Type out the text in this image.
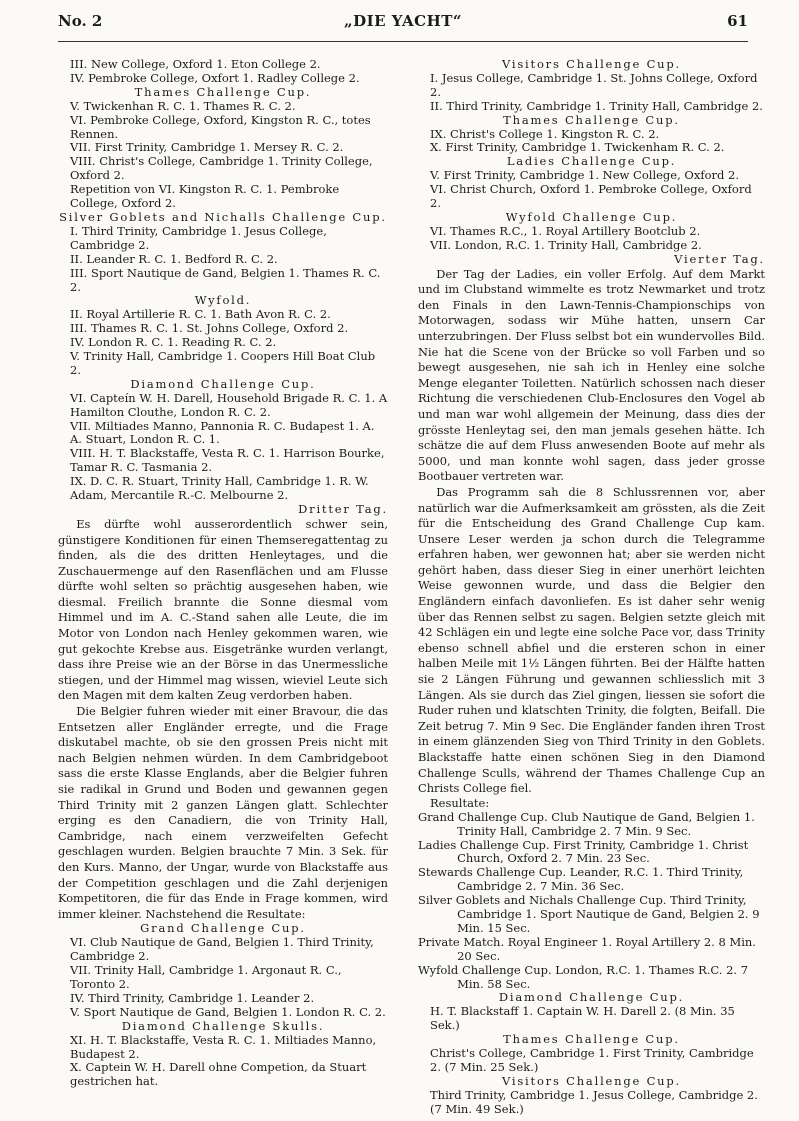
No. 2	„DIE YACHT“	61
III. New College, Oxford 1. Eton College 2.
IV. Pembroke College, Oxfort 1. Radley College 2.
Thames Challenge Cup.
V. Twickenhan R. C. 1. Thames R. C. 2.
VI. Pembroke College, Oxford, Kingston R. C., totes Rennen.
VII. First Trinity, Cambridge 1. Mersey R. C. 2.
VIII. Christ's College, Cambridge 1. Trinity College, Oxford 2.
Repetition von VI. Kingston R. C. 1. Pembroke College, Oxford 2.
Silver Goblets and Nichalls Challenge Cup.
I. Third Trinity, Cambridge 1. Jesus College, Cambridge 2.
II. Leander R. C. 1. Bedford R. C. 2.
III. Sport Nautique de Gand, Belgien 1. Thames R. C. 2.
Wyfold.
II. Royal Artillerie R. C. 1. Bath Avon R. C. 2.
III. Thames R. C. 1. St. Johns College, Oxford 2.
IV. London R. C. 1. Reading R. C. 2.
V. Trinity Hall, Cambridge 1. Coopers Hill Boat Club 2.
Diamond Challenge Cup.
VI. Capteín W. H. Darell, Household Brigade R. C. 1. A Hamilton Clouthe, London R. C. 2.
VII. Miltiades Manno, Pannonia R. C. Budapest 1. A. A. Stuart, London R. C. 1.
VIII. H. T. Blackstaffe, Vesta R. C. 1. Harrison Bourke, Tamar R. C. Tasmania 2.
IX. D. C. R. Stuart, Trinity Hall, Cambridge 1. R. W. Adam, Mercantile R.-C. Melbourne 2.
Dritter Tag.
Es dürfte wohl ausserordentlich schwer sein, günstigere Konditionen für einen Themseregattentag zu finden, als die des dritten Henleytages, und die Zuschauermenge auf den Rasenflächen und am Flusse dürfte wohl selten so prächtig ausgesehen haben, wie diesmal. Freilich brannte die Sonne diesmal vom Himmel und im A. C.-Stand sahen alle Leute, die im Motor von London nach Henley gekommen waren, wie gut gekochte Krebse aus. Eisgetränke wurden verlangt, dass ihre Preise wie an der Börse in das Unermessliche stiegen, und der Himmel mag wissen, wieviel Leute sich den Magen mit dem kalten Zeug verdorben haben.
Die Belgier fuhren wieder mit einer Bravour, die das Entsetzen aller Engländer erregte, und die Frage diskutabel machte, ob sie den grossen Preis nicht mit nach Belgien nehmen würden. In dem Cambridgeboot sass die erste Klasse Englands, aber die Belgier fuhren sie radikal in Grund und Boden und gewannen gegen Third Trinity mit 2 ganzen Längen glatt. Schlechter erging es den Canadiern, die von Trinity Hall, Cambridge, nach einem verzweifelten Gefecht geschlagen wurden. Belgien brauchte 7 Min. 3 Sek. für den Kurs. Manno, der Ungar, wurde von Blackstaffe aus der Competition geschlagen und die Zahl derjenigen Kompetitoren, die für das Ende in Frage kommen, wird immer kleiner. Nachstehend die Resultate:
Grand Challenge Cup.
VI. Club Nautique de Gand, Belgien 1. Third Trinity, Cambridge 2.
VII. Trinity Hall, Cambridge 1. Argonaut R. C., Toronto 2.
IV. Third Trinity, Cambridge 1. Leander 2.
V. Sport Nautique de Gand, Belgien 1. London R. C. 2.
Diamond Challenge Skulls.
XI. H. T. Blackstaffe, Vesta R. C. 1. Miltiades Manno, Budapest 2.
X. Captein W. H. Darell ohne Competion, da Stuart gestrichen hat.
Visitors Challenge Cup.
I. Jesus College, Cambridge 1. St. Johns College, Oxford 2.
II. Third Trinity, Cambridge 1. Trinity Hall, Cambridge 2.
Thames Challenge Cup.
IX. Christ's College 1. Kingston R. C. 2.
X. First Trinity, Cambridge 1. Twickenham R. C. 2.
Ladies Challenge Cup.
V. First Trinity, Cambridge 1. New College, Oxford 2.
VI. Christ Church, Oxford 1. Pembroke College, Oxford 2.
Wyfold Challenge Cup.
VI. Thames R.C., 1. Royal Artillery Bootclub 2.
VII. London, R.C. 1. Trinity Hall, Cambridge 2.
Vierter Tag.
Der Tag der Ladies, ein voller Erfolg. Auf dem Markt und im Clubstand wimmelte es trotz Newmarket und trotz den Finals in den Lawn-Tennis-Championschips von Motorwagen, sodass wir Mühe hatten, unsern Car unterzubringen. Der Fluss selbst bot ein wundervolles Bild. Nie hat die Scene von der Brücke so voll Farben und so bewegt ausgesehen, nie sah ich in Henley eine solche Menge eleganter Toiletten. Natürlich schossen nach dieser Richtung die verschiedenen Club-Enclosures den Vogel ab und man war wohl allgemein der Meinung, dass dies der grösste Henleytag sei, den man jemals gesehen hätte. Ich schätze die auf dem Fluss anwesenden Boote auf mehr als 5000, und man konnte wohl sagen, dass jeder grosse Bootbauer vertreten war.
Das Programm sah die 8 Schlussrennen vor, aber natürlich war die Aufmerksamkeit am grössten, als die Zeit für die Entscheidung des Grand Challenge Cup kam. Unsere Leser werden ja schon durch die Telegramme erfahren haben, wer gewonnen hat; aber sie werden nicht gehört haben, dass dieser Sieg in einer unerhört leichten Weise gewonnen wurde, und dass die Belgier den Engländern einfach davonliefen. Es ist daher sehr wenig über das Rennen selbst zu sagen. Belgien setzte gleich mit 42 Schlägen ein und legte eine solche Pace vor, dass Trinity ebenso schnell abfiel und die ersteren schon in einer halben Meile mit 1½ Längen führten. Bei der Hälfte hatten sie 2 Längen Führung und gewannen schliesslich mit 3 Längen. Als sie durch das Ziel gingen, liessen sie sofort die Ruder ruhen und klatschten Trinity, die folgten, Beifall. Die Zeit betrug 7. Min 9 Sec. Die Engländer fanden ihren Trost in einem glänzenden Sieg von Third Trinity in den Goblets. Blackstaffe hatte einen schönen Sieg in den Diamond Challenge Sculls, während der Thames Challenge Cup an Christs College fiel.
Resultate:
Grand Challenge Cup. Club Nautique de Gand, Belgien 1. Trinity Hall, Cambridge 2. 7 Min. 9 Sec.
Ladies Challenge Cup. First Trinity, Cambridge 1. Christ Church, Oxford 2. 7 Min. 23 Sec.
Stewards Challenge Cup. Leander, R.C. 1. Third Trinity, Cambridge 2. 7 Min. 36 Sec.
Silver Goblets and Nichals Challenge Cup. Third Trinity, Cambridge 1. Sport Nautique de Gand, Belgien 2. 9 Min. 15 Sec.
Private Match. Royal Engineer 1. Royal Artillery 2. 8 Min. 20 Sec.
Wyfold Challenge Cup. London, R.C. 1. Thames R.C. 2. 7 Min. 58 Sec.
Diamond Challenge Cup.
H. T. Blackstaff 1. Captain W. H. Darell 2. (8 Min. 35 Sek.)
Thames Challenge Cup.
Christ's College, Cambridge 1. First Trinity, Cambridge 2. (7 Min. 25 Sek.)
Visitors Challenge Cup.
Third Trinity, Cambridge 1. Jesus College, Cambridge 2. (7 Min. 49 Sek.)
